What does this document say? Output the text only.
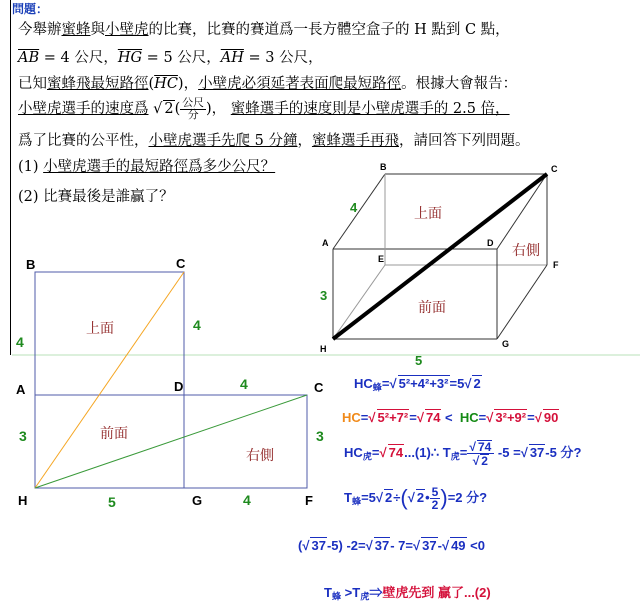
問題：
今舉辦蜜蜂與小壁虎的比賽，比賽的賽道爲一長方體空盒子的 H 點到 C 點，
$\overline{AB} = 4$ 公尺，$\overline{HG} = 5$ 公尺，$\overline{AH} = 3$ 公尺，
已知蜜蜂飛最短路徑$(\overline{HC})$，小壁虎必須延著表面爬最短路徑。根據大會報告：
小壁虎選手的速度爲 √ $2( \frac{\text{公尺}}{\text{分}}$ )， 蜜蜂選手的速度則是小壁虎選手的 2.5 倍，
爲了比賽的公平性，小壁虎選手先爬 5 分鐘，蜜蜂選手再飛，請回答下列問題。
(1) 小壁虎選手的最短路徑爲多少公尺？
(2) 比賽最後是誰贏了？
B	C
A	D
E
F
H	G
上面
右側
前面
4
3
5
B	C
A	D	C
H	G	F
上面
前面
右側
4
4
4
3	3
5	4
$HC_蜂=√$ 5²+4²+3²=5√ 2
HC=√ 5²+7²=√ 74 <  HC=√ 3²+9²=√ 90
$HC_虎=√$ 74...(1)∴ $T_虎= \frac{√ 74}{√ 2} -5$ =√ 37-5 分?
$T_蜂=5√$ 2÷(√ 2• $\frac{5}{2} )=2$ 分?
(√ 37-5) -2=√ 37- 7=√ 37-√ 49 <0
$T_蜂$ $>T_虎\Rightarrow$壁虎先到 贏了...(2)
